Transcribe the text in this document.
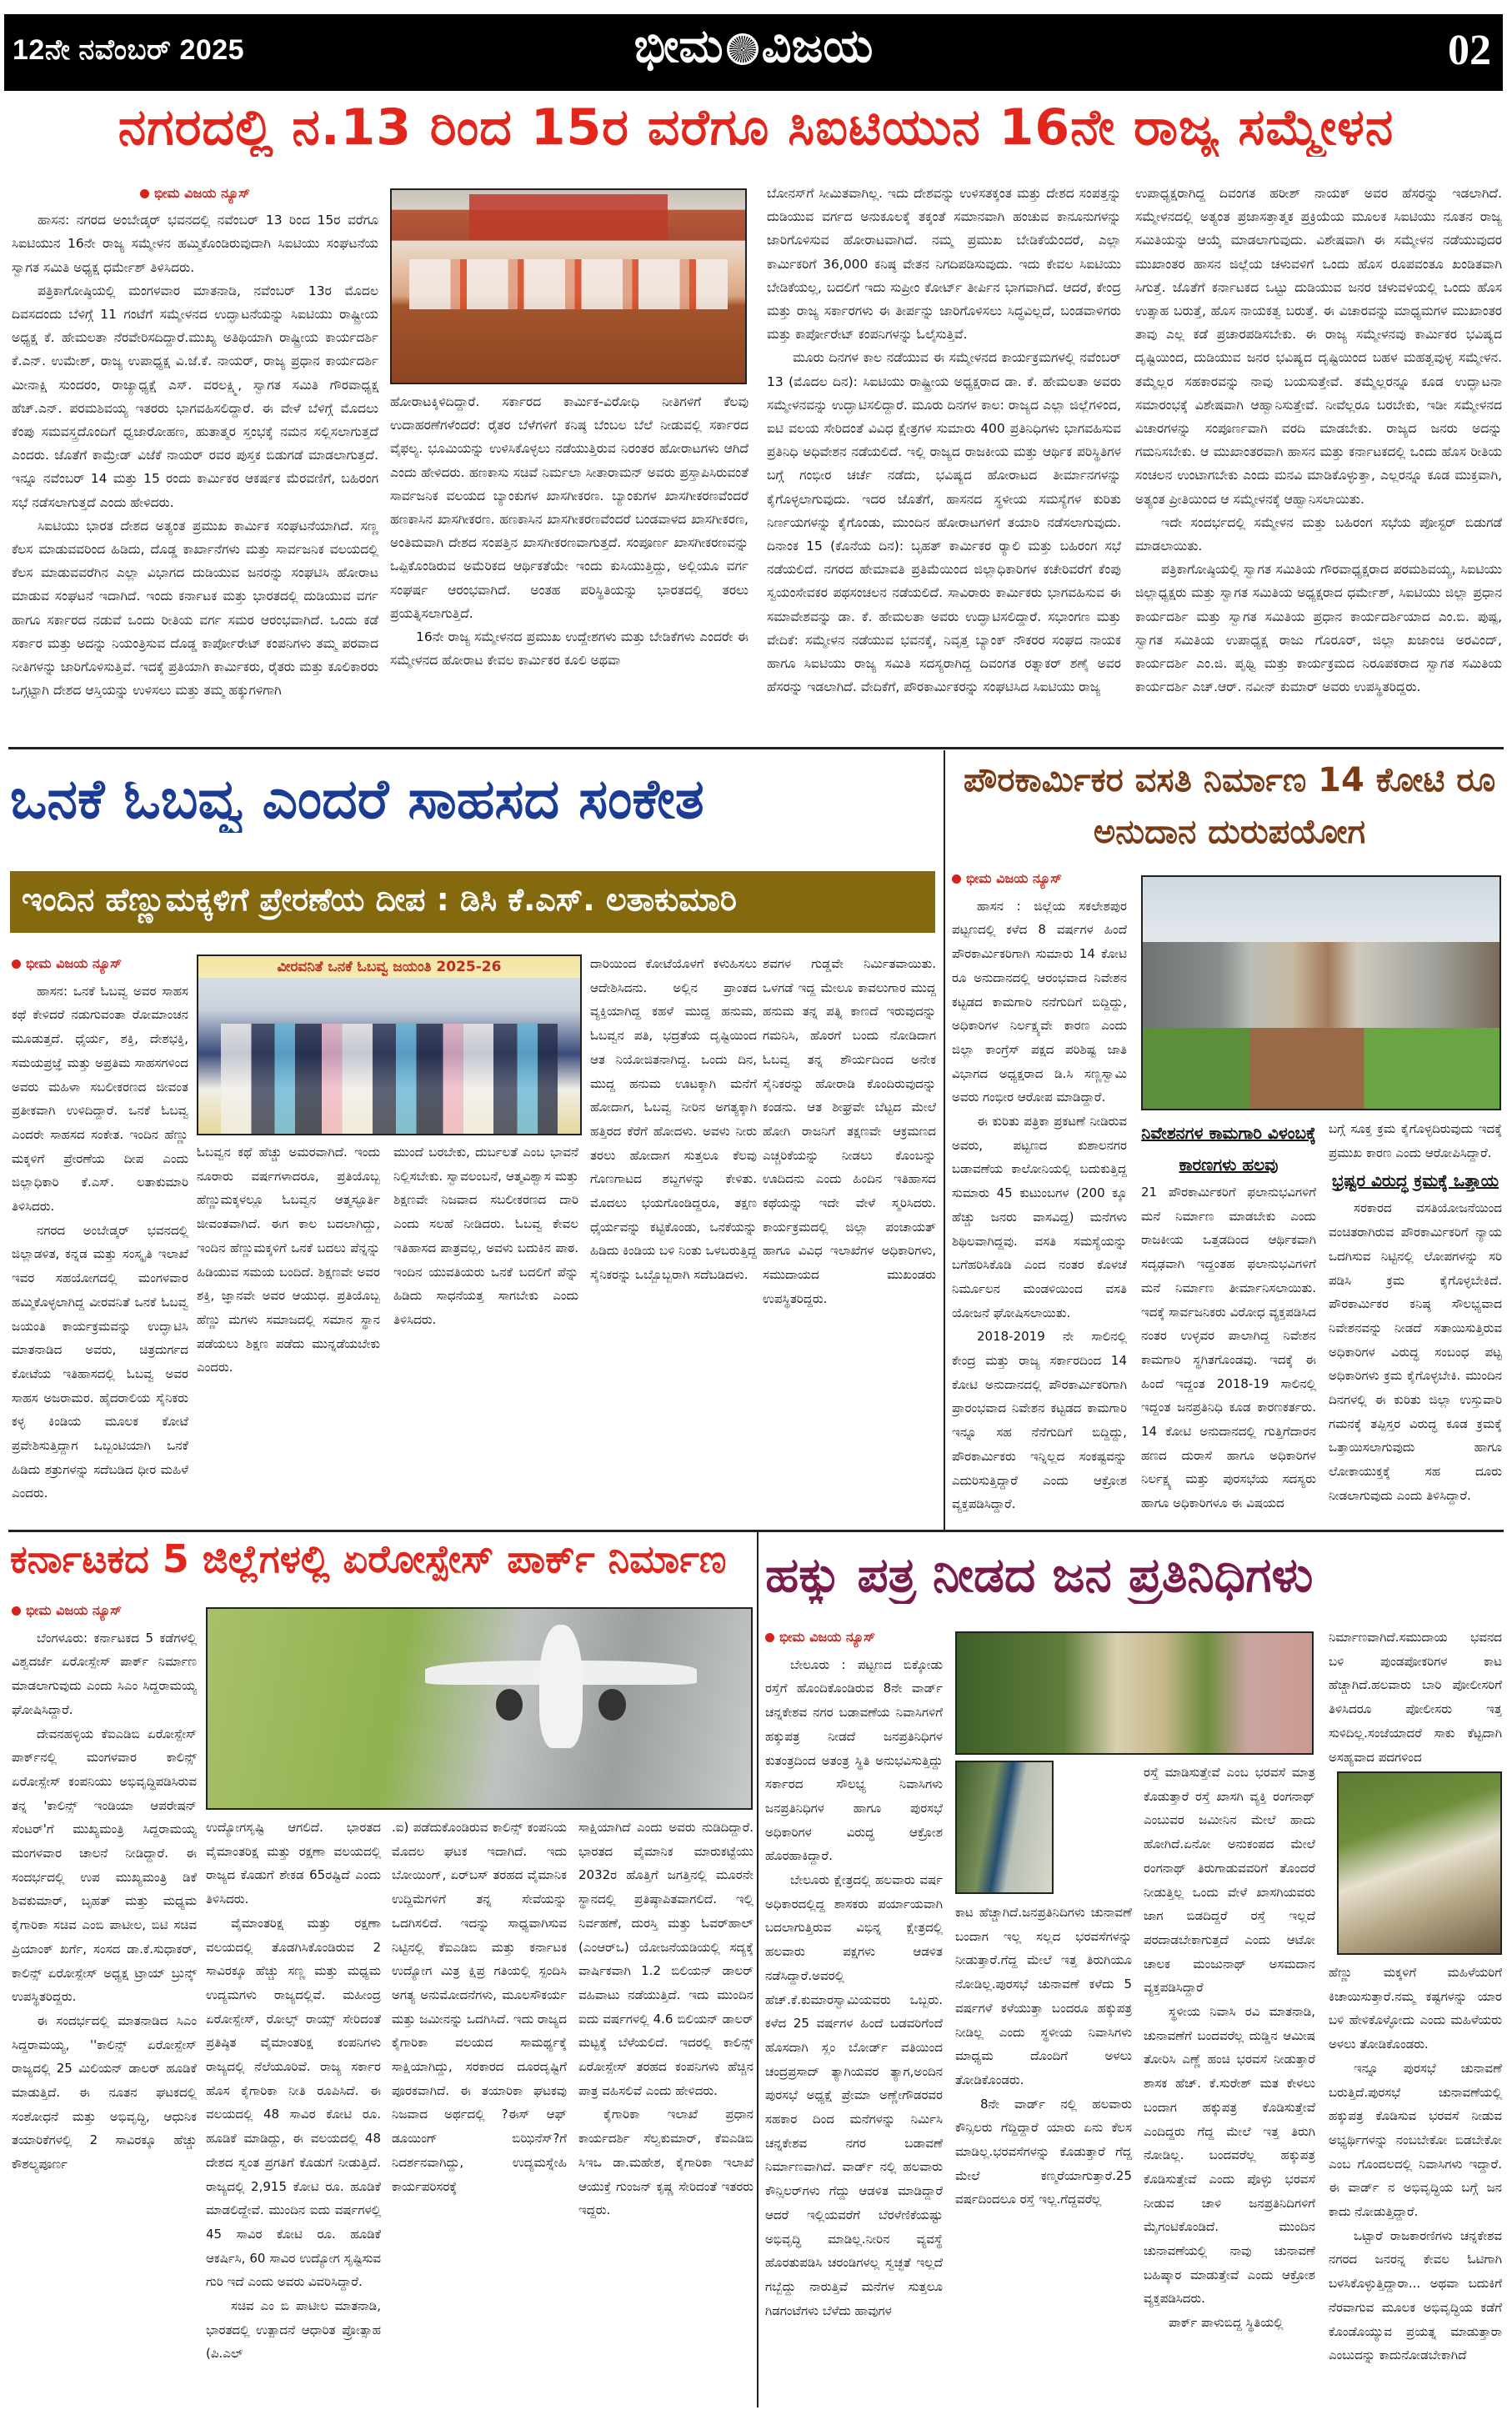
12ನೇ ನವೆಂಬರ್ 2025	ಭೀಮ ವಿಜಯ	02
ನಗರದಲ್ಲಿ ನ.13 ರಿಂದ 15ರ ವರೆಗೂ ಸಿಐಟಿಯುನ 16ನೇ ರಾಜ್ಯ ಸಮ್ಮೇಳನ
ಭೀಮ ವಿಜಯ ನ್ಯೂಸ್

ಹಾಸನ: ನಗರದ ಅಂಬೇಡ್ಕರ್ ಭವನದಲ್ಲಿ ನವೆಂಬರ್ 13 ರಿಂದ 15ರ ವರೆಗೂ ಸಿಐಟಿಯುನ 16ನೇ ರಾಜ್ಯ ಸಮ್ಮೇಳನ ಹಮ್ಮಿಕೊಂಡಿರುವುದಾಗಿ ಸಿಐಟಿಯು ಸಂಘಟನೆಯ ಸ್ವಾಗತ ಸಮಿತಿ ಅಧ್ಯಕ್ಷ ಧರ್ಮೇಶ್ ತಿಳಿಸಿದರು.

ಪತ್ರಿಕಾಗೋಷ್ಠಿಯಲ್ಲಿ ಮಂಗಳವಾರ ಮಾತನಾಡಿ, ನವೆಂಬರ್ 13ರ ಮೊದಲ ದಿವಸದಂದು ಬೆಳಿಗ್ಗೆ 11 ಗಂಟೆಗೆ ಸಮ್ಮೇಳನದ ಉದ್ಘಾಟನೆಯನ್ನು ಸಿಐಟಿಯು ರಾಷ್ಟ್ರೀಯ ಅಧ್ಯಕ್ಷ ಕೆ. ಹೇಮಲತಾ ನೆರವೇರಿಸದಿದ್ದಾರೆ.ಮುಖ್ಯ ಅತಿಥಿಯಾಗಿ ರಾಷ್ಟ್ರೀಯ ಕಾರ್ಯದರ್ಶಿ ಕೆ.ಎನ್. ಉಮೇಶ್, ರಾಜ್ಯ ಉಪಾಧ್ಯಕ್ಷ ವಿ.ಜೆ.ಕೆ. ನಾಯರ್, ರಾಜ್ಯ ಪ್ರಧಾನ ಕಾರ್ಯದರ್ಶಿ ಮೀನಾಕ್ಷಿ ಸುಂದರಂ, ರಾಜ್ಯಾಧ್ಯಕ್ಷೆ ಎಸ್. ವರಲಕ್ಷ್ಮಿ, ಸ್ವಾಗತ ಸಮಿತಿ ಗೌರವಾಧ್ಯಕ್ಷ ಹೆಚ್.ಎನ್. ಪರಮಶಿವಯ್ಯ ಇತರರು ಭಾಗವಹಿಸಲಿದ್ದಾರೆ. ಈ ವೇಳೆ ಬೆಳಿಗ್ಗೆ ಮೊದಲು ಕೆಂಪು ಸಮವಸ್ತ್ರದೊಂದಿಗೆ ಧ್ವಜಾರೋಹಣ, ಹುತಾತ್ಮರ ಸ್ತಂಭಕ್ಕೆ ನಮನ ಸಲ್ಲಿಸಲಾಗುತ್ತದೆ ಎಂದರು. ಜೊತೆಗೆ ಕಾಮ್ರೇಡ್ ವಿಜೆಕೆ ನಾಯರ್ ರವರ ಪುಸ್ತಕ ಬಿಡುಗಡೆ ಮಾಡಲಾಗುತ್ತದೆ. ಇನ್ನೂ ನವೆಂಬರ್ 14 ಮತ್ತು 15 ರಂದು ಕಾರ್ಮಿಕರ ಆಕರ್ಷಕ ಮೆರವಣಿಗೆ, ಬಹಿರಂಗ ಸಭೆ ನಡೆಸಲಾಗುತ್ತದೆ ಎಂದು ಹೇಳಿದರು.

ಸಿಐಟಿಯು ಭಾರತ ದೇಶದ ಅತ್ಯಂತ ಪ್ರಮುಖ ಕಾರ್ಮಿಕ ಸಂಘಟನೆಯಾಗಿದೆ. ಸಣ್ಣ ಕೆಲಸ ಮಾಡುವವರಿಂದ ಹಿಡಿದು, ದೊಡ್ಡ ಕಾರ್ಖಾನೆಗಳು ಮತ್ತು ಸಾರ್ವಜನಿಕ ವಲಯದಲ್ಲಿ ಕೆಲಸ ಮಾಡುವವರೆಗಿನ ಎಲ್ಲಾ ವಿಭಾಗದ ದುಡಿಯುವ ಜನರನ್ನು ಸಂಘಟಿಸಿ ಹೋರಾಟ ಮಾಡುವ ಸಂಘಟನೆ ಇದಾಗಿದೆ. ಇಂದು ಕರ್ನಾಟಕ ಮತ್ತು ಭಾರತದಲ್ಲಿ ದುಡಿಯುವ ವರ್ಗ ಹಾಗೂ ಸರ್ಕಾರದ ನಡುವೆ ಒಂದು ರೀತಿಯ ವರ್ಗ ಸಮರ ಆರಂಭವಾಗಿದೆ. ಒಂದು ಕಡೆ ಸರ್ಕಾರ ಮತ್ತು ಅದನ್ನು ನಿಯಂತ್ರಿಸುವ ದೊಡ್ಡ ಕಾರ್ಪೋರೇಟ್ ಕಂಪನಿಗಳು ತಮ್ಮ ಪರವಾದ ನೀತಿಗಳನ್ನು ಜಾರಿಗೊಳಿಸುತ್ತಿವೆ. ಇದಕ್ಕೆ ಪ್ರತಿಯಾಗಿ ಕಾರ್ಮಿಕರು, ರೈತರು ಮತ್ತು ಕೂಲಿಕಾರರು ಒಗ್ಗಟ್ಟಾಗಿ ದೇಶದ ಆಸ್ತಿಯನ್ನು ಉಳಿಸಲು ಮತ್ತು ತಮ್ಮ ಹಕ್ಕುಗಳಿಗಾಗಿ

ಹೋರಾಟಕ್ಕಿಳಿದಿದ್ದಾರೆ. ಸರ್ಕಾರದ ಕಾರ್ಮಿಕ-ವಿರೋಧಿ ನೀತಿಗಳಿಗೆ ಕೆಲವು ಉದಾಹರಣೆಗಳೆಂದರೆ: ರೈತರ ಬೆಳೆಗಳಿಗೆ ಕನಿಷ್ಠ ಬೆಂಬಲ ಬೆಲೆ ನೀಡುವಲ್ಲಿ ಸರ್ಕಾರದ ವೈಫಲ್ಯ. ಭೂಮಿಯನ್ನು ಉಳಿಸಿಕೊಳ್ಳಲು ನಡೆಯುತ್ತಿರುವ ನಿರಂತರ ಹೋರಾಟಗಳು ಆಗಿದೆ ಎಂದು ಹೇಳಿದರು. ಹಣಕಾಸು ಸಚಿವೆ ನಿರ್ಮಲಾ ಸೀತಾರಾಮನ್ ಅವರು ಪ್ರಸ್ತಾಪಿಸಿರುವಂತೆ ಸಾರ್ವಜನಿಕ ವಲಯದ ಬ್ಯಾಂಕುಗಳ ಖಾಸಗೀಕರಣ. ಬ್ಯಾಂಕುಗಳ ಖಾಸಗೀಕರಣವೆಂದರೆ ಹಣಕಾಸಿನ ಖಾಸಗೀಕರಣ. ಹಣಕಾಸಿನ ಖಾಸಗೀಕರಣವೆಂದರೆ ಬಂಡವಾಳದ ಖಾಸಗೀಕರಣ, ಅಂತಿಮವಾಗಿ ದೇಶದ ಸಂಪತ್ತಿನ ಖಾಸಗೀಕರಣವಾಗುತ್ತದೆ. ಸಂಪೂರ್ಣ ಖಾಸಗೀಕರಣವನ್ನು ಒಪ್ಪಿಕೊಂಡಿರುವ ಅಮೆರಿಕದ ಆರ್ಥಿಕತೆಯೇ ಇಂದು ಕುಸಿಯುತ್ತಿದ್ದು, ಅಲ್ಲಿಯೂ ವರ್ಗ ಸಂಘರ್ಷ ಆರಂಭವಾಗಿದೆ. ಅಂತಹ ಪರಿಸ್ಥಿತಿಯನ್ನು ಭಾರತದಲ್ಲಿ ತರಲು ಪ್ರಯತ್ನಿಸಲಾಗುತ್ತಿದೆ.

16ನೇ ರಾಜ್ಯ ಸಮ್ಮೇಳನದ ಪ್ರಮುಖ ಉದ್ದೇಶಗಳು ಮತ್ತು ಬೇಡಿಕೆಗಳು ಎಂದರೇ ಈ ಸಮ್ಮೇಳನದ ಹೋರಾಟ ಕೇವಲ ಕಾರ್ಮಿಕರ ಕೂಲಿ ಅಥವಾ

ಬೋನಸ್‌ಗೆ ಸೀಮಿತವಾಗಿಲ್ಲ. ಇದು ದೇಶವನ್ನು ಉಳಿಸತಕ್ಕಂತ ಮತ್ತು ದೇಶದ ಸಂಪತ್ತನ್ನು ದುಡಿಯುವ ವರ್ಗದ ಅನುಕೂಲಕ್ಕೆ ತಕ್ಕಂತೆ ಸಮಾನವಾಗಿ ಹಂಚುವ ಕಾನೂನುಗಳನ್ನು ಜಾರಿಗೊಳಿಸುವ ಹೋರಾಟವಾಗಿದೆ. ನಮ್ಮ ಪ್ರಮುಖ ಬೇಡಿಕೆಯೆಂದರೆ, ಎಲ್ಲಾ ಕಾರ್ಮಿಕರಿಗೆ 36,000 ಕನಿಷ್ಠ ವೇತನ ನಿಗದಿಪಡಿಸುವುದು. ಇದು ಕೇವಲ ಸಿಐಟಿಯು ಬೇಡಿಕೆಯಲ್ಲ, ಬದಲಿಗೆ ಇದು ಸುಪ್ರೀಂ ಕೋರ್ಟ್ ತೀರ್ಪಿನ ಭಾಗವಾಗಿದೆ. ಆದರೆ, ಕೇಂದ್ರ ಮತ್ತು ರಾಜ್ಯ ಸರ್ಕಾರಗಳು ಈ ತೀರ್ಪನ್ನು ಜಾರಿಗೊಳಿಸಲು ಸಿದ್ಧವಿಲ್ಲದೆ, ಬಂಡವಾಳಿಗರು ಮತ್ತು ಕಾರ್ಪೋರೇಟ್ ಕಂಪನಿಗಳನ್ನು ಓಲೈಸುತ್ತಿವೆ.

ಮೂರು ದಿನಗಳ ಕಾಲ ನಡೆಯುವ ಈ ಸಮ್ಮೇಳನದ ಕಾರ್ಯಕ್ರಮಗಳಲ್ಲಿ ನವೆಂಬರ್ 13 (ಮೊದಲ ದಿನ): ಸಿಐಟಿಯು ರಾಷ್ಟ್ರೀಯ ಅಧ್ಯಕ್ಷರಾದ ಡಾ. ಕೆ. ಹೇಮಲತಾ ಅವರು ಸಮ್ಮೇಳನವನ್ನು ಉದ್ಘಾಟಿಸಲಿದ್ದಾರೆ. ಮೂರು ದಿನಗಳ ಕಾಲ: ರಾಜ್ಯದ ಎಲ್ಲಾ ಜಿಲ್ಲೆಗಳಿಂದ, ಐಟಿ ವಲಯ ಸೇರಿದಂತೆ ವಿವಿಧ ಕ್ಷೇತ್ರಗಳ ಸುಮಾರು 400 ಪ್ರತಿನಿಧಿಗಳು ಭಾಗವಹಿಸುವ ಪ್ರತಿನಿಧಿ ಅಧಿವೇಶನ ನಡೆಯಲಿದೆ. ಇಲ್ಲಿ ರಾಜ್ಯದ ರಾಜಕೀಯ ಮತ್ತು ಆರ್ಥಿಕ ಪರಿಸ್ಥಿತಿಗಳ ಬಗ್ಗೆ ಗಂಭೀರ ಚರ್ಚೆ ನಡೆದು, ಭವಿಷ್ಯದ ಹೋರಾಟದ ತೀರ್ಮಾನಗಳನ್ನು ಕೈಗೊಳ್ಳಲಾಗುವುದು. ಇದರ ಜೊತೆಗೆ, ಹಾಸನದ ಸ್ಥಳೀಯ ಸಮಸ್ಯೆಗಳ ಕುರಿತು ನಿರ್ಣಯಗಳನ್ನು ಕೈಗೊಂಡು, ಮುಂದಿನ ಹೋರಾಟಗಳಿಗೆ ತಯಾರಿ ನಡೆಸಲಾಗುವುದು. ದಿನಾಂಕ 15 (ಕೊನೆಯ ದಿನ): ಬೃಹತ್ ಕಾರ್ಮಿಕರ ರ್‍ಯಾಲಿ ಮತ್ತು ಬಹಿರಂಗ ಸಭೆ ನಡೆಯಲಿದೆ. ನಗರದ ಹೇಮಾವತಿ ಪ್ರತಿಮೆಯಿಂದ ಜಿಲ್ಲಾಧಿಕಾರಿಗಳ ಕಚೇರಿವರೆಗೆ ಕೆಂಪು ಸ್ವಯಂಸೇವಕರ ಪಥಸಂಚಲನ ನಡೆಯಲಿದೆ. ಸಾವಿರಾರು ಕಾರ್ಮಿಕರು ಭಾಗವಹಿಸುವ ಈ ಸಮಾವೇಶವನ್ನು ಡಾ. ಕೆ. ಹೇಮಲತಾ ಅವರು ಉದ್ಘಾಟಿಸಲಿದ್ದಾರೆ. ಸಭಾಂಗಣ ಮತ್ತು ವೇದಿಕೆ: ಸಮ್ಮೇಳನ ನಡೆಯುವ ಭವನಕ್ಕೆ, ನಿವೃತ್ತ ಬ್ಯಾಂಕ್ ನೌಕರರ ಸಂಘದ ನಾಯಕ ಹಾಗೂ ಸಿಐಟಿಯು ರಾಜ್ಯ ಸಮಿತಿ ಸದಸ್ಯರಾಗಿದ್ದ ದಿವಂಗತ ರತ್ನಾಕರ್ ಶಣೈ ಅವರ ಹೆಸರನ್ನು ಇಡಲಾಗಿದೆ. ವೇದಿಕೆಗೆ, ಪೌರಕಾರ್ಮಿಕರನ್ನು ಸಂಘಟಿಸಿದ ಸಿಐಟಿಯು ರಾಜ್ಯ

ಉಪಾಧ್ಯಕ್ಷರಾಗಿದ್ದ ದಿವಂಗತ ಹರೀಶ್ ನಾಯಕ್ ಅವರ ಹೆಸರನ್ನು ಇಡಲಾಗಿದೆ. ಸಮ್ಮೇಳನದಲ್ಲಿ ಅತ್ಯಂತ ಪ್ರಜಾಸತ್ತಾತ್ಮಕ ಪ್ರಕ್ರಿಯೆಯ ಮೂಲಕ ಸಿಐಟಿಯು ನೂತನ ರಾಜ್ಯ ಸಮಿತಿಯನ್ನು ಆಯ್ಕೆ ಮಾಡಲಾಗುವುದು. ವಿಶೇಷವಾಗಿ ಈ ಸಮ್ಮೇಳನ ನಡೆಯುವುದರ ಮುಖಾಂತರ ಹಾಸನ ಜಿಲ್ಲೆಯ ಚಳುವಳಿಗೆ ಒಂದು ಹೊಸ ರೂಪವಂತೂ ಖಂಡಿತವಾಗಿ ಸಿಗುತ್ತೆ. ಜೊತೆಗೆ ಕರ್ನಾಟಕದ ಒಟ್ಟು ದುಡಿಯುವ ಜನರ ಚಳುವಳಿಯಲ್ಲಿ ಒಂದು ಹೊಸ ಉತ್ಸಾಹ ಬರುತ್ತೆ, ಹೊಸ ನಾಯಕತ್ವ ಬರುತ್ತೆ. ಈ ವಿಚಾರವನ್ನು ಮಾಧ್ಯಮಗಳ ಮುಖಾಂತರ ತಾವು ಎಲ್ಲ ಕಡೆ ಪ್ರಚಾರಪಡಿಸಬೇಕು. ಈ ರಾಜ್ಯ ಸಮ್ಮೇಳನವು ಕಾರ್ಮಿಕರ ಭವಿಷ್ಯದ ದೃಷ್ಟಿಯಿಂದ, ದುಡಿಯುವ ಜನರ ಭವಿಷ್ಯದ ದೃಷ್ಟಿಯಿಂದ ಬಹಳ ಮಹತ್ವವುಳ್ಳ ಸಮ್ಮೇಳನ. ತಮ್ಮೆಲ್ಲರ ಸಹಕಾರವನ್ನು ನಾವು ಬಯಸುತ್ತೇವೆ. ತಮ್ಮೆಲ್ಲರನ್ನೂ ಕೂಡ ಉದ್ಘಾಟನಾ ಸಮಾರಂಭಕ್ಕೆ ವಿಶೇಷವಾಗಿ ಆಹ್ವಾನಿಸುತ್ತೇವೆ. ನೀವೆಲ್ಲರೂ ಬರಬೇಕು, ಇಡೀ ಸಮ್ಮೇಳನದ ವಿಚಾರಗಳನ್ನು ಸಂಪೂರ್ಣವಾಗಿ ವರದಿ ಮಾಡಬೇಕು. ರಾಜ್ಯದ ಜನರು ಅದನ್ನು ಗಮನಿಸಬೇಕು. ಆ ಮುಖಾಂತರವಾಗಿ ಹಾಸನ ಮತ್ತು ಕರ್ನಾಟಕದಲ್ಲಿ ಒಂದು ಹೊಸ ರೀತಿಯ ಸಂಚಲನ ಉಂಟಾಗಬೇಕು ಎಂದು ಮನವಿ ಮಾಡಿಕೊಳ್ಳುತ್ತಾ, ಎಲ್ಲರನ್ನೂ ಕೂಡ ಮುಕ್ತವಾಗಿ, ಅತ್ಯಂತ ಪ್ರೀತಿಯಿಂದ ಆ ಸಮ್ಮೇಳನಕ್ಕೆ ಆಹ್ವಾನಿಸಲಾಯಿತು.

ಇದೇ ಸಂದರ್ಭದಲ್ಲಿ ಸಮ್ಮೇಳನ ಮತ್ತು ಬಹಿರಂಗ ಸಭೆಯ ಪೋಸ್ಟರ್ ಬಿಡುಗಡೆ ಮಾಡಲಾಯಿತು.

ಪತ್ರಿಕಾಗೋಷ್ಠಿಯಲ್ಲಿ ಸ್ವಾಗತ ಸಮಿತಿಯ ಗೌರವಾಧ್ಯಕ್ಷರಾದ ಪರಮಶಿವಯ್ಯ, ಸಿಐಟಿಯು ಜಿಲ್ಲಾಧ್ಯಕ್ಷರು ಮತ್ತು ಸ್ವಾಗತ ಸಮಿತಿಯ ಅಧ್ಯಕ್ಷರಾದ ಧರ್ಮೇಶ್, ಸಿಐಟಿಯು ಜಿಲ್ಲಾ ಪ್ರಧಾನ ಕಾರ್ಯದರ್ಶಿ ಮತ್ತು ಸ್ವಾಗತ ಸಮಿತಿಯ ಪ್ರಧಾನ ಕಾರ್ಯದರ್ಶಿಯಾದ ಎಂ.ಬಿ. ಪುಷ್ಪ, ಸ್ವಾಗತ ಸಮಿತಿಯ ಉಪಾಧ್ಯಕ್ಷ ರಾಜು ಗೊರೂರ್, ಜಿಲ್ಲಾ ಖಜಾಂಚಿ ಅರವಿಂದ್, ಕಾರ್ಯದರ್ಶಿ ಎಂ.ಜಿ. ಪೃಥ್ವಿ ಮತ್ತು ಕಾರ್ಯಕ್ರಮದ ನಿರೂಪಕರಾದ ಸ್ವಾಗತ ಸಮಿತಿಯ ಕಾರ್ಯದರ್ಶಿ ಎಚ್.ಆರ್. ನವೀನ್ ಕುಮಾರ್ ಅವರು ಉಪಸ್ಥಿತರಿದ್ದರು.

ಒನಕೆ ಓಬವ್ವ ಎಂದರೆ ಸಾಹಸದ ಸಂಕೇತ
ಇಂದಿನ ಹೆಣ್ಣುಮಕ್ಕಳಿಗೆ ಪ್ರೇರಣೆಯ ದೀಪ : ಡಿಸಿ ಕೆ.ಎಸ್. ಲತಾಕುಮಾರಿ
ಭೀಮ ವಿಜಯ ನ್ಯೂಸ್

ಹಾಸನ: ಒನಕೆ ಓಬವ್ವ ಅವರ ಸಾಹಸ ಕಥೆ ಕೇಳಿದರೆ ನಡುಗುವಂತಾ ರೋಮಾಂಚನ ಮೂಡುತ್ತದೆ. ಧೈರ್ಯ, ಶಕ್ತಿ, ದೇಶಭಕ್ತಿ, ಸಮಯಪ್ರಜ್ಞೆ ಮತ್ತು ಅಪ್ರತಿಮ ಸಾಹಸಗಳಿಂದ ಅವರು ಮಹಿಳಾ ಸಬಲೀಕರಣದ ಜೀವಂತ ಪ್ರತೀಕವಾಗಿ ಉಳಿದಿದ್ದಾರೆ. ಒನಕೆ ಓಬವ್ವ ಎಂದರೇ ಸಾಹಸದ ಸಂಕೇತ. ಇಂದಿನ ಹೆಣ್ಣು ಮಕ್ಕಳಿಗೆ ಪ್ರೇರಣೆಯ ದೀಪ ಎಂದು ಜಿಲ್ಲಾಧಿಕಾರಿ ಕೆ.ಎಸ್. ಲತಾಕುಮಾರಿ ತಿಳಿಸಿದರು.

ನಗರದ ಅಂಬೇಡ್ಕರ್ ಭವನದಲ್ಲಿ ಜಿಲ್ಲಾಡಳಿತ, ಕನ್ನಡ ಮತ್ತು ಸಂಸ್ಕೃತಿ ಇಲಾಖೆ ಇವರ ಸಹಯೋಗದಲ್ಲಿ ಮಂಗಳವಾರ ಹಮ್ಮಿಕೊಳ್ಳಲಾಗಿದ್ದ ವೀರವನಿತೆ ಒನಕೆ ಓಬವ್ವ ಜಯಂತಿ ಕಾರ್ಯಕ್ರಮವನ್ನು ಉದ್ಘಾಟಿಸಿ ಮಾತನಾಡಿದ ಅವರು, ಚಿತ್ರದುರ್ಗದ ಕೋಟೆಯ ಇತಿಹಾಸದಲ್ಲಿ ಓಬವ್ವ ಅವರ ಸಾಹಸ ಅಜರಾಮರ. ಹೈದರಾಲಿಯ ಸೈನಿಕರು ಕಳ್ಳ ಕಿಂಡಿಯ ಮೂಲಕ ಕೋಟೆ ಪ್ರವೇಶಿಸುತ್ತಿದ್ದಾಗ ಒಬ್ಬಂಟಿಯಾಗಿ ಒನಕೆ ಹಿಡಿದು ಶತ್ರುಗಳನ್ನು ಸದೆಬಡಿದ ಧೀರ ಮಹಿಳೆ ಎಂದರು.

ವೀರವನಿತೆ ಒನಕೆ ಓಬವ್ವ ಜಯಂತಿ 2025-26

ಓಬವ್ವನ ಕಥೆ ಹೆಚ್ಚು ಅಮರವಾಗಿದೆ. ಇಂದು ನೂರಾರು ವರ್ಷಗಳಾದರೂ, ಪ್ರತಿಯೊಬ್ಬ ಹೆಣ್ಣುಮಕ್ಕಳಲ್ಲೂ ಓಬವ್ವನ ಆತ್ಮಸ್ಫೂರ್ತಿ ಜೀವಂತವಾಗಿದೆ. ಈಗ ಕಾಲ ಬದಲಾಗಿದ್ದು, ಇಂದಿನ ಹೆಣ್ಣುಮಕ್ಕಳಿಗೆ ಒನಕೆ ಬದಲು ಪೆನ್ನನ್ನು ಹಿಡಿಯುವ ಸಮಯ ಬಂದಿದೆ. ಶಿಕ್ಷಣವೇ ಅವರ ಶಕ್ತಿ, ಜ್ಞಾನವೇ ಅವರ ಆಯುಧ. ಪ್ರತಿಯೊಬ್ಬ ಹೆಣ್ಣು ಮಗಳು ಸಮಾಜದಲ್ಲಿ ಸಮಾನ ಸ್ಥಾನ ಪಡೆಯಲು ಶಿಕ್ಷಣ ಪಡೆದು ಮುನ್ನಡೆಯಬೇಕು ಎಂದರು.

ಮುಂದೆ ಬರಬೇಕು, ದುರ್ಬಲತೆ ಎಂಬ ಭಾವನೆ ನಿಲ್ಲಿಸಬೇಕು. ಸ್ವಾವಲಂಬನೆ, ಆತ್ಮವಿಶ್ವಾಸ ಮತ್ತು ಶಿಕ್ಷಣವೇ ನಿಜವಾದ ಸಬಲೀಕರಣದ ದಾರಿ ಎಂದು ಸಲಹೆ ನೀಡಿದರು. ಓಬವ್ವ ಕೇವಲ ಇತಿಹಾಸದ ಪಾತ್ರವಲ್ಲ, ಅವಳು ಬದುಕಿನ ಪಾಠ. ಇಂದಿನ ಯುವತಿಯರು ಒನಕೆ ಬದಲಿಗೆ ಪೆನ್ನು ಹಿಡಿದು ಸಾಧನೆಯತ್ತ ಸಾಗಬೇಕು ಎಂದು ತಿಳಿಸಿದರು.

ದಾರಿಯಿಂದ ಕೋಟೆಯೊಳಗೆ ಕಳುಹಿಸಲು ಆದೇಶಿಸಿದನು. ಅಲ್ಲಿನ ಪ್ರಾಂತದ ವ್ಯಕ್ತಿಯಾಗಿದ್ದ ಕಹಳೆ ಮುದ್ದ ಹನುಮ, ಓಬವ್ವನ ಪತಿ, ಭದ್ರತೆಯ ದೃಷ್ಟಿಯಿಂದ ಆತ ನಿಯೋಜಿತನಾಗಿದ್ದ. ಒಂದು ದಿನ, ಮುದ್ದ ಹನುಮ ಊಟಕ್ಕಾಗಿ ಮನೆಗೆ ಹೋದಾಗ, ಓಬವ್ವ ನೀರಿನ ಅಗತ್ಯಕ್ಕಾಗಿ ಹತ್ತಿರದ ಕೆರೆಗೆ ಹೋದಳು. ಅವಳು ನೀರು ತರಲು ಹೋದಾಗ ಸುತ್ತಲೂ ಕೆಲವು ಗೊಣಗಾಟದ ಶಬ್ದಗಳನ್ನು ಕೇಳಿತು. ಮೊದಲು ಭಯಗೊಂಡಿದ್ದರೂ, ತಕ್ಷಣ ಧೈರ್ಯವನ್ನು ಕಟ್ಟಿಕೊಂಡು, ಒನಕೆಯನ್ನು ಹಿಡಿದು ಕಿಂಡಿಯ ಬಳಿ ನಿಂತು ಒಳಬರುತ್ತಿದ್ದ ಸೈನಿಕರನ್ನು ಒಬ್ಬೊಬ್ಬರಾಗಿ ಸದೆಬಡಿದಳು.

ಶವಗಳ ಗುಡ್ಡವೇ ನಿರ್ಮಿತವಾಯಿತು. ಒಳಗಡೆ ಇದ್ದ ಮೇಲೂ ಕಾವಲುಗಾರ ಮುದ್ದ ಹನುಮ ತನ್ನ ಪತ್ನಿ ಕಾಣದೆ ಇರುವುದನ್ನು ಗಮನಿಸಿ, ಹೊರಗೆ ಬಂದು ನೋಡಿದಾಗ ಓಬವ್ವ ತನ್ನ ಶೌರ್ಯದಿಂದ ಅನೇಕ ಸೈನಿಕರನ್ನು ಹೋರಾಡಿ ಕೊಂದಿರುವುದನ್ನು ಕಂಡನು. ಆತ ಶೀಘ್ರವೇ ಬೆಟ್ಟದ ಮೇಲೆ ಹೋಗಿ ರಾಜನಿಗೆ ತಕ್ಷಣವೇ ಆಕ್ರಮಣದ ಎಚ್ಚರಿಕೆಯನ್ನು ನೀಡಲು ಕೊಂಬನ್ನು ಊದಿದನು ಎಂದು ಹಿಂದಿನ ಇತಿಹಾಸದ ಕಥೆಯನ್ನು ಇದೇ ವೇಳೆ ಸ್ಮರಿಸಿದರು. ಕಾರ್ಯಕ್ರಮದಲ್ಲಿ ಜಿಲ್ಲಾ ಪಂಚಾಯತ್ ಹಾಗೂ ವಿವಿಧ ಇಲಾಖೆಗಳ ಅಧಿಕಾರಿಗಳು, ಸಮುದಾಯದ ಮುಖಂಡರು ಉಪಸ್ಥಿತರಿದ್ದರು.

ಪೌರಕಾರ್ಮಿಕರ ವಸತಿ ನಿರ್ಮಾಣ 14 ಕೋಟಿ ರೂ ಅನುದಾನ ದುರುಪಯೋಗ
ಭೀಮ ವಿಜಯ ನ್ಯೂಸ್

ಹಾಸನ : ಜಿಲ್ಲೆಯ ಸಕಲೇಶಪುರ ಪಟ್ಟಣದಲ್ಲಿ ಕಳೆದ 8 ವರ್ಷಗಳ ಹಿಂದೆ ಪೌರಕಾರ್ಮಿಕರಿಗಾಗಿ ಸುಮಾರು 14 ಕೋಟಿ ರೂ ಅನುದಾನದಲ್ಲಿ ಆರಂಭವಾದ ನಿವೇಶನ ಕಟ್ಟಡದ ಕಾಮಗಾರಿ ನನೆಗುದಿಗೆ ಬಿದ್ದಿದ್ದು, ಅಧಿಕಾರಿಗಳ ನಿರ್ಲಕ್ಷ್ಯವೇ ಕಾರಣ ಎಂದು ಜಿಲ್ಲಾ ಕಾಂಗ್ರೆಸ್ ಪಕ್ಷದ ಪರಿಶಿಷ್ಟ ಜಾತಿ ವಿಭಾಗದ ಅಧ್ಯಕ್ಷರಾದ ಡಿ.ಸಿ ಸಣ್ಣಸ್ವಾಮಿ ಅವರು ಗಂಭೀರ ಆರೋಪ ಮಾಡಿದ್ದಾರೆ.

ಈ ಕುರಿತು ಪತ್ರಿಕಾ ಪ್ರಕಟಣೆ ನೀಡಿರುವ ಅವರು, ಪಟ್ಟಣದ ಕುಶಾಲನಗರ ಬಡಾವಣೆಯ ಕಾಲೋನಿಯಲ್ಲಿ ಬದುಕುತ್ತಿದ್ದ ಸುಮಾರು 45 ಕುಟುಂಬಗಳ (200 ಕ್ಕೂ ಹೆಚ್ಚು ಜನರು ವಾಸವಿದ್ದ) ಮನೆಗಳು ಶಿಥಿಲವಾಗಿದ್ದವು. ವಸತಿ ಸಮಸ್ಯೆಯನ್ನು ಬಗೆಹರಿಸಿಕೊಡಿ ಎಂದ ನಂತರ ಕೊಳಚೆ ನಿರ್ಮೂಲನ ಮಂಡಳಿಯಿಂದ ವಸತಿ ಯೋಜನೆ ಘೋಷಿಸಲಾಯಿತು.

2018-2019 ನೇ ಸಾಲಿನಲ್ಲಿ ಕೇಂದ್ರ ಮತ್ತು ರಾಜ್ಯ ಸರ್ಕಾರದಿಂದ 14 ಕೋಟಿ ಅನುದಾನದಲ್ಲಿ ಪೌರಕಾರ್ಮಿಕರಿಗಾಗಿ ಪ್ರಾರಂಭವಾದ ನಿವೇಶನ ಕಟ್ಟಡದ ಕಾಮಗಾರಿ ಇನ್ನೂ ಸಹ ನೆನೆಗುದಿಗೆ ಬಿದ್ದಿದ್ದು, ಪೌರಕಾರ್ಮಿಕರು ಇನ್ನಿಲ್ಲದ ಸಂಕಷ್ಟವನ್ನು ಎದುರಿಸುತ್ತಿದ್ದಾರೆ ಎಂದು ಆಕ್ರೋಶ ವ್ಯಕ್ತಪಡಿಸಿದ್ದಾರೆ.

ನಿವೇಶನಗಳ ಕಾಮಗಾರಿ ವಿಳಂಬಕ್ಕೆ ಕಾರಣಗಳು ಹಲವು

21 ಪೌರಕಾರ್ಮಿಕರಿಗೆ ಫಲಾನುಭವಿಗಳಿಗೆ ಮನೆ ನಿರ್ಮಾಣ ಮಾಡಬೇಕು ಎಂದು ರಾಜಕೀಯ ಒತ್ತಡದಿಂದ ಆರ್ಥಿಕವಾಗಿ ಸದೃಢವಾಗಿ ಇದ್ದಂತಹ ಫಲಾನುಭವಿಗಳಿಗೆ ಮನೆ ನಿರ್ಮಾಣ ತೀರ್ಮಾನಿಸಲಾಯಿತು. ಇದಕ್ಕೆ ಸಾರ್ವಜನಿಕರು ವಿರೋಧ ವ್ಯಕ್ತಪಡಿಸಿದ ನಂತರ ಉಳ್ಳವರ ಪಾಲಾಗಿದ್ದ ನಿವೇಶನ ಕಾಮಗಾರಿ ಸ್ಥಗಿತಗೊಂಡವು. ಇದಕ್ಕೆ ಈ ಹಿಂದೆ ಇದ್ದಂತ 2018-19 ಸಾಲಿನಲ್ಲಿ ಇದ್ದಂತ ಜನಪ್ರತಿನಿಧಿ ಕೂಡ ಕಾರಣಕರ್ತರು. 14 ಕೋಟಿ ಅನುದಾನದಲ್ಲಿ ಗುತ್ತಿಗೆದಾರನ ಹಣದ ದುರಾಸೆ ಹಾಗೂ ಅಧಿಕಾರಿಗಳ ನಿರ್ಲಕ್ಷ್ಯ ಮತ್ತು ಪುರಸಭೆಯ ಸದಸ್ಯರು ಹಾಗೂ ಅಧಿಕಾರಿಗಳೂ ಈ ವಿಷಯದ

ಬಗ್ಗೆ ಸೂಕ್ತ ಕ್ರಮ ಕೈಗೊಳ್ಳದಿರುವುದು ಇದಕ್ಕೆ ಪ್ರಮುಖ ಕಾರಣ ಎಂದು ಆರೋಪಿಸಿದ್ದಾರೆ.

ಭ್ರಷ್ಟರ ವಿರುದ್ಧ ಕ್ರಮಕ್ಕೆ ಒತ್ತಾಯ

ಸರಕಾರದ ವಸತಿಯೋಜನೆಯಿಂದ ವಂಚಿತರಾಗಿರುವ ಪೌರಕಾರ್ಮಿಕರಿಗೆ ನ್ಯಾಯ ಒದಗಿಸುವ ನಿಟ್ಟಿನಲ್ಲಿ ಲೋಪಗಳನ್ನು ಸರಿ ಪಡಿಸಿ ಕ್ರಮ ಕೈಗೊಳ್ಳಬೇಕಿದೆ. ಪೌರಕಾರ್ಮಿಕರ ಕನಿಷ್ಠ ಸೌಲಭ್ಯವಾದ ನಿವೇಶನವನ್ನು ನೀಡದೆ ಸತಾಯಿಸುತ್ತಿರುವ ಅಧಿಕಾರಿಗಳ ವಿರುದ್ಧ ಸಂಬಂಧ ಪಟ್ಟ ಅಧಿಕಾರಿಗಳು ಕ್ರಮ ಕೈಗೊಳ್ಳಬೇಕಿ. ಮುಂದಿನ ದಿನಗಳಲ್ಲಿ ಈ ಕುರಿತು ಜಿಲ್ಲಾ ಉಸ್ತುವಾರಿ ಗಮನಕ್ಕೆ ತಪ್ಪಿಸ್ತರ ವಿರುದ್ಧ ಕೂಡ ಕ್ರಮಕ್ಕೆ ಒತ್ತಾಯಿಸಲಾಗುವುದು ಹಾಗೂ ಲೋಕಾಯುಕ್ತಕ್ಕೆ ಸಹ ದೂರು ನೀಡಲಾಗುವುದು ಎಂದು ತಿಳಿಸಿದ್ದಾರೆ.

ಕರ್ನಾಟಕದ 5 ಜಿಲ್ಲೆಗಳಲ್ಲಿ ಏರೋಸ್ಪೇಸ್ ಪಾರ್ಕ್ ನಿರ್ಮಾಣ
ಭೀಮ ವಿಜಯ ನ್ಯೂಸ್

ಬೆಂಗಳೂರು: ಕರ್ನಾಟಕದ 5 ಕಡೆಗಳಲ್ಲಿ ವಿಶ್ವದರ್ಜೆ ಏರೋಸ್ಪೇಸ್ ಪಾರ್ಕ್ ನಿರ್ಮಾಣ ಮಾಡಲಾಗುವುದು ಎಂದು ಸಿಎಂ ಸಿದ್ದರಾಮಯ್ಯ ಘೋಷಿಸಿದ್ದಾರೆ.

ದೇವನಹಳ್ಳಿಯ ಕೆಐಎಡಿಬಿ ಏರೋಸ್ಪೇಸ್ ಪಾರ್ಕ್‌ನಲ್ಲಿ ಮಂಗಳವಾರ ಕಾಲಿನ್ಸ್ ಏರೋಸ್ಪೇಸ್ ಕಂಪನಿಯು ಅಭಿವೃದ್ಧಿಪಡಿಸಿರುವ ತನ್ನ 'ಕಾಲಿನ್ಸ್ ಇಂಡಿಯಾ ಆಪರೇಷನ್ ಸೆಂಟರ್'ಗೆ ಮುಖ್ಯಮಂತ್ರಿ ಸಿದ್ದರಾಮಯ್ಯ ಮಂಗಳವಾರ ಚಾಲನೆ ನೀಡಿದ್ದಾರೆ. ಈ ಸಂದರ್ಭದಲ್ಲಿ ಉಪ ಮುಖ್ಯಮಂತ್ರಿ ಡಿಕೆ ಶಿವಕುಮಾರ್, ಬೃಹತ್ ಮತ್ತು ಮಧ್ಯಮ ಕೈಗಾರಿಕಾ ಸಚಿವ ಎಂಬಿ ಪಾಟೀಲ, ಬಿಟಿ ಸಚಿವ ಪ್ರಿಯಾಂಕ್ ಖರ್ಗೆ, ಸಂಸದ ಡಾ.ಕೆ.ಸುಧಾಕರ್, ಕಾಲಿನ್ಸ್ ಏರೋಸ್ಪೇಸ್ ಅಧ್ಯಕ್ಷ ಟ್ರಾಯ್ ಬ್ರುನ್ಕ್ ಉಪಸ್ಥಿತರಿದ್ದರು.

ಈ ಸಂದರ್ಭದಲ್ಲಿ ಮಾತನಾಡಿದ ಸಿಎಂ ಸಿದ್ದರಾಮಯ್ಯ, ''ಕಾಲಿನ್ಸ್ ಏರೋಸ್ಪೇಸ್ ರಾಜ್ಯದಲ್ಲಿ 25 ಮಿಲಿಯನ್ ಡಾಲರ್ ಹೂಡಿಕೆ ಮಾಡುತ್ತಿದೆ. ಈ ನೂತನ ಘಟಕದಲ್ಲಿ ಸಂಶೋಧನೆ ಮತ್ತು ಅಭಿವೃದ್ಧಿ, ಆಧುನಿಕ ತಯಾರಿಕೆಗಳಲ್ಲಿ 2 ಸಾವಿರಕ್ಕೂ ಹೆಚ್ಚು ಕೌಶಲ್ಯಪೂರ್ಣ

ಉದ್ಯೋಗಸೃಷ್ಟಿ ಆಗಲಿದೆ. ಭಾರತದ ವೈಮಾಂತರಿಕ್ಷ ಮತ್ತು ರಕ್ಷಣಾ ವಲಯದಲ್ಲಿ ರಾಜ್ಯದ ಕೊಡುಗೆ ಶೇಕಡ 65ರಷ್ಟಿದೆ ಎಂದು ತಿಳಿಸಿದರು.

ವೈಮಾಂತರಿಕ್ಷ ಮತ್ತು ರಕ್ಷಣಾ ವಲಯದಲ್ಲಿ ತೊಡಗಿಸಿಕೊಂಡಿರುವ 2 ಸಾವಿರಕ್ಕೂ ಹೆಚ್ಚು ಸಣ್ಣ ಮತ್ತು ಮಧ್ಯಮ ಉದ್ಯಮಗಳು ರಾಜ್ಯದಲ್ಲಿವೆ. ಮಹೀಂದ್ರ ಏರೋಸ್ಪೇಸ್, ರೋಲ್ಸ್ ರಾಯ್ಸ್ ಸೇರಿದಂತೆ ಪ್ರತಿಷ್ಠಿತ ವೈಮಾಂತರಿಕ್ಷ ಕಂಪನಿಗಳು ರಾಜ್ಯದಲ್ಲಿ ನೆಲೆಯೂರಿವೆ. ರಾಜ್ಯ ಸರ್ಕಾರ ಹೊಸ ಕೈಗಾರಿಕಾ ನೀತಿ ರೂಪಿಸಿದೆ. ಈ ವಲಯದಲ್ಲಿ 48 ಸಾವಿರ ಕೋಟಿ ರೂ. ಹೂಡಿಕೆ ಮಾಡಿದ್ದು, ಈ ವಲಯದಲ್ಲಿ 48 ದೇಶದ ಸ್ವಂತ ಪ್ರಗತಿಗೆ ಕೊಡುಗೆ ನೀಡುತ್ತಿದೆ. ರಾಜ್ಯದಲ್ಲಿ 2,915 ಕೋಟಿ ರೂ. ಹೂಡಿಕೆ ಮಾಡಲಿದ್ದೇವೆ. ಮುಂದಿನ ಐದು ವರ್ಷಗಳಲ್ಲಿ 45 ಸಾವಿರ ಕೋಟಿ ರೂ. ಹೂಡಿಕೆ ಆಕರ್ಷಿಸಿ, 60 ಸಾವಿರ ಉದ್ಯೋಗ ಸೃಷ್ಟಿಸುವ ಗುರಿ ಇದೆ ಎಂದು ಅವರು ವಿವರಿಸಿದ್ದಾರೆ.

ಸಚಿವ ಎಂ ಬಿ ಪಾಟೀಲ ಮಾತನಾಡಿ, ಭಾರತದಲ್ಲಿ ಉತ್ಪಾದನೆ ಆಧಾರಿತ ಪ್ರೋತ್ಸಾಹ (ಪಿ.ಎಲ್

.ಐ) ಪಡೆದುಕೊಂಡಿರುವ ಕಾಲಿನ್ಸ್ ಕಂಪನಿಯ ಮೊದಲ ಘಟಕ ಇದಾಗಿದೆ. ಇದು ಬೋಯಿಂಗ್, ಏರ್‌ಬಸ್ ತರಹದ ವೈಮಾನಿಕ ಉದ್ದಿಮೆಗಳಿಗೆ ತನ್ನ ಸೇವೆಯನ್ನು ಒದಗಿಸಲಿದೆ. ಇದನ್ನು ಸಾಧ್ಯವಾಗಿಸುವ ನಿಟ್ಟಿನಲ್ಲಿ ಕೆಐಎಡಿಬಿ ಮತ್ತು ಕರ್ನಾಟಕ ಉದ್ಯೋಗ ಮಿತ್ರ ಕ್ಷಿಪ್ರ ಗತಿಯಲ್ಲಿ ಸ್ಪಂದಿಸಿ ಅಗತ್ಯ ಅನುಮೋದನೆಗಳು, ಮೂಲಸೌಕರ್ಯ ಮತ್ತು ಜಮೀನನ್ನು ಒದಗಿಸಿದೆ. ಇದು ರಾಜ್ಯದ ಕೈಗಾರಿಕಾ ವಲಯದ ಸಾಮರ್ಥ್ಯಕ್ಕೆ ಸಾಕ್ಷಿಯಾಗಿದ್ದು, ಸರಕಾರದ ದೂರದೃಷ್ಟಿಗೆ ಪೂರಕವಾಗಿದೆ. ಈ ತಯಾರಿಕಾ ಘಟಕವು ನಿಜವಾದ ಅರ್ಥದಲ್ಲಿ ?ಈಸ್ ಆಫ್ ಡೂಯಿಂಗ್ ಬಿಝಿನೆಸ್?ಗೆ ನಿದರ್ಶನವಾಗಿದ್ದು, ಉದ್ಯಮಸ್ನೇಹಿ ಕಾರ್ಯಪರಿಸರಕ್ಕೆ

ಸಾಕ್ಷಿಯಾಗಿದೆ ಎಂದು ಅವರು ನುಡಿದಿದ್ದಾರೆ. ಭಾರತದ ವೈಮಾನಿಕ ಮಾರುಕಟ್ಟೆಯು 2032ರ ಹೊತ್ತಿಗೆ ಜಗತ್ತಿನಲ್ಲಿ ಮೂರನೇ ಸ್ಥಾನದಲ್ಲಿ ಪ್ರತಿಷ್ಠಾಪಿತವಾಗಲಿದೆ. ಇಲ್ಲಿ ನಿರ್ವಹಣೆ, ದುರಸ್ತಿ ಮತ್ತು ಓವರ್‌ಹಾಲ್ (ಎಂಆರ್‌ಒ) ಯೋಜನೆಯಡಿಯಲ್ಲಿ ಸದ್ಯಕ್ಕೆ ವಾರ್ಷಿಕವಾಗಿ 1.2 ಬಿಲಿಯನ್ ಡಾಲರ್ ವಹಿವಾಟು ನಡೆಯುತ್ತಿದೆ. ಇದು ಮುಂದಿನ ಐದು ವರ್ಷಗಳಲ್ಲಿ 4.6 ಬಿಲಿಯನ್ ಡಾಲರ್ ಮಟ್ಟಕ್ಕೆ ಬೆಳೆಯಲಿದೆ. ಇದರಲ್ಲಿ ಕಾಲಿನ್ಸ್ ಏರೋಸ್ಪೇಸ್ ತರಹದ ಕಂಪನಿಗಳು ಹೆಚ್ಚಿನ ಪಾತ್ರ ವಹಿಸಲಿವೆ ಎಂದು ಹೇಳಿದರು.

ಕೈಗಾರಿಕಾ ಇಲಾಖೆ ಪ್ರಧಾನ ಕಾರ್ಯದರ್ಶಿ ಸೆಲ್ವಕುಮಾರ್, ಕೆಐಎಡಿಬಿ ಸಿಇಒ ಡಾ.ಮಹೇಶ, ಕೈಗಾರಿಕಾ ಇಲಾಖೆ ಆಯುಕ್ತೆ ಗುಂಜನ್ ಕೃಷ್ಣ ಸೇರಿದಂತೆ ಇತರರು ಇದ್ದರು.

ಹಕ್ಕು ಪತ್ರ ನೀಡದ ಜನ ಪ್ರತಿನಿಧಿಗಳು
ಭೀಮ ವಿಜಯ ನ್ಯೂಸ್

ಬೇಲೂರು : ಪಟ್ಟಣದ ಬಿಕ್ಕೋಡು ರಸ್ತೆಗೆ ಹೊಂದಿಕೊಂಡಿರುವ 8ನೇ ವಾರ್ಡ್ ಚನ್ನಕೇಶವ ನಗರ ಬಡಾವಣೆಯ ನಿವಾಸಿಗಳಿಗೆ ಹಕ್ಕುಪತ್ರ ನೀಡದೆ ಜನಪ್ರತಿನಿಧಿಗಳ ಕುತಂತ್ರದಿಂದ ಅತಂತ್ರ ಸ್ಥಿತಿ ಅನುಭವಿಸುತ್ತಿದ್ದು ಸರ್ಕಾರದ ಸೌಲಭ್ಯ ನಿವಾಸಿಗಳು ಜನಪ್ರತಿನಿಧಿಗಳ ಹಾಗೂ ಪುರಸಭೆ ಅಧಿಕಾರಿಗಳ ವಿರುದ್ಧ ಆಕ್ರೋಶ ಹೊರಹಾಕಿದ್ದಾರೆ.

ಬೇಲೂರು ಕ್ಷೇತ್ರದಲ್ಲಿ ಹಲವಾರು ವರ್ಷ ಅಧಿಕಾರದಲ್ಲಿದ್ದ ಶಾಸಕರು ಪರ್ಯಾಯವಾಗಿ ಬದಲಾಗುತ್ತಿರುವ ವಿಭಿನ್ನ ಕ್ಷೇತ್ರದಲ್ಲಿ ಹಲವಾರು ಪಕ್ಷಗಳು ಆಡಳಿತ ನಡೆಸಿದ್ದಾರೆ.ಅವರಲ್ಲಿ ಹೆಚ್.ಕೆ.ಕುಮಾರಸ್ವಾಮಿಯವರು ಒಬ್ಬರು. ಕಳೆದ 25 ವರ್ಷಗಳ ಹಿಂದೆ ಬಡವರಿಗೆಂದೆ ಹೊಸದಾಗಿ ಸ್ಲಂ ಬೋರ್ಡ್ ವತಿಯಿಂದ ಚಂದ್ರಪ್ರಸಾದ್ ತ್ಯಾಗಿಯವರ ತ್ಯಾಗ,ಅಂದಿನ ಪುರಸಭೆ ಅಧ್ಯಕ್ಷೆ ಪ್ರೇಮಾ ಅಣ್ಣೇಗೌಡರವರ ಸಹಕಾರ ದಿಂದ ಮನೆಗಳನ್ನು ನಿರ್ಮಿಸಿ ಚನ್ನಕೇಶವ ನಗರ ಬಡಾವಣೆ ನಿರ್ಮಾಣವಾಗಿದೆ. ವಾರ್ಡ್ ನಲ್ಲಿ ಹಲವಾರು ಕೌನ್ಸಿಲರ್‌ಗಳು ಗೆದ್ದು ಆಡಳಿತ ಮಾಡಿದ್ದಾರೆ ಆದರೆ ಇಲ್ಲಿಯವರೆಗೆ ಬೆರಳೆಣಿಕೆಯಷ್ಟು ಅಭಿವೃದ್ಧಿ ಮಾಡಿಲ್ಲ.ನೀರಿನ ವ್ಯವಸ್ಥೆ ಹೊರತುಪಡಿಸಿ ಚರಂಡಿಗಳಲ್ಲ ಸ್ವಚ್ಛತೆ ಇಲ್ಲದೆ ಗಬ್ಬೆದ್ದು ನಾರುತ್ತಿವೆ ಮನೆಗಳ ಸುತ್ತಲೂ ಗಿಡಗಂಟೆಗಳು ಬೆಳೆದು ಹಾವುಗಳ

ಕಾಟ ಹೆಚ್ಚಾಗಿದೆ.ಜನಪ್ರತಿನಿದಿಗಳು ಚುನಾವಣೆ ಬಂದಾಗ ಇಲ್ಲ ಸಲ್ಲದ ಭರವಸೆಗಳನ್ನು ನೀಡುತ್ತಾರೆ.ಗೆದ್ದ ಮೇಲೆ ಇತ್ತ ತಿರುಗಿಯೂ ನೋಡಿಲ್ಲ.ಪುರಸಭೆ ಚುನಾವಣೆ ಕಳೆದು 5 ವರ್ಷಗಳೆ ಕಳೆಯುತ್ತಾ ಬಂದರೂ ಹಕ್ಕುಪತ್ರ ನೀಡಿಲ್ಲ ಎಂದು ಸ್ಥಳೀಯ ನಿವಾಸಿಗಳು ಮಾಧ್ಯಮ ದೊಂದಿಗೆ ಅಳಲು ತೋಡಿಕೊಂಡರು.

8ನೇ ವಾರ್ಡ್ ನಲ್ಲಿ ಹಲವಾರು ಕೌನ್ಸಿಲರು ಗೆದ್ದಿದ್ದಾರೆ ಯಾರು ಏನು ಕೆಲಸ ಮಾಡಿಲ್ಲ.ಭರವಸೆಗಳನ್ನು ಕೊಡುತ್ತಾರೆ ಗೆದ್ದ ಮೇಲೆ ಕಣ್ಮರೆಯಾಗುತ್ತಾರೆ.25 ವರ್ಷದಿಂದಲೂ ರಸ್ತೆ ಇಲ್ಲ.ಗೆದ್ದವರೆಲ್ಲ

ರಸ್ತೆ ಮಾಡಿಸುತ್ತೇವೆ ಎಂಬ ಭರವಸೆ ಮಾತ್ರ ಕೊಡುತ್ತಾರೆ ರಸ್ತೆ ಖಾಸಗಿ ವ್ಯಕ್ತಿ ರಂಗನಾಥ್ ಎಂಬುವರ ಜಮೀನಿನ ಮೇಲೆ ಹಾದು ಹೋಗಿದೆ.ಏನೋ ಅನುಕಂಪದ ಮೇಲೆ ರಂಗನಾಥ್ ತಿರುಗಾಡುವವರಿಗೆ ತೊಂದರೆ ನೀಡುತ್ತಿಲ್ಲ ಒಂದು ವೇಳೆ ಖಾಸಗಿಯವರು ಜಾಗ ಬಿಡದಿದ್ದರೆ ರಸ್ತೆ ಇಲ್ಲದೆ ಪರದಾಡಬೇಕಾಗುತ್ತದೆ ಎಂದು ಆಟೋ ಚಾಲಕ ಮಂಜುನಾಥ್ ಅಸಮದಾನ ವ್ಯಕ್ತಪಡಿಸಿದ್ದಾರೆ

ಸ್ಥಳೀಯ ನಿವಾಸಿ ರವಿ ಮಾತನಾಡಿ, ಚುನಾವಣೆಗೆ ಬಂದವರೆಲ್ಲ ದುಡ್ಡಿನ ಆಮೀಷ ತೋರಿಸಿ ಎಣ್ಣೆ ಹಂಚಿ ಭರವಸೆ ನೀಡುತ್ತಾರೆ ಶಾಸಕ ಹೆಚ್. ಕೆ.ಸುರೇಶ್ ಮತ ಕೇಳಲು ಬಂದಾಗ ಹಕ್ಕುಪತ್ರ ಕೊಡಿಸುತ್ತೇವೆ ಎಂದಿದ್ದರು ಗೆದ್ದ ಮೇಲೆ ಇತ್ತ ತಿರುಗಿ ನೋಡಿಲ್ಲ. ಬಂದವರೆಲ್ಲ ಹಕ್ಕುಪತ್ರ ಕೊಡಿಸುತ್ತೇವೆ ಎಂದು ಪೊಳ್ಳು ಭರವಸೆ ನೀಡುವ ಚಾಳಿ ಜನಪ್ರತಿನಿದಿಗಳಿಗೆ ಮೈಗಂಟಿಕೊಂಡಿದೆ. ಮುಂದಿನ ಚುನಾವಣೆಯಲ್ಲಿ ನಾವು ಚುನಾವಣೆ ಬಹಿಷ್ಕಾರ ಮಾಡುತ್ತೇವೆ ಎಂದು ಆಕ್ರೋಶ ವ್ಯಕ್ತಪಡಿಸಿದರು.

ಪಾರ್ಕ್ ಪಾಳುಬಿದ್ದ ಸ್ಥಿತಿಯಲ್ಲಿ

ನಿರ್ಮಾಣವಾಗಿದೆ.ಸಮುದಾಯ ಭವನದ ಬಳಿ ಪುಂಡಪೋಕರಿಗಳ ಕಾಟ ಹೆಚ್ಚಾಗಿದೆ.ಹಲವಾರು ಬಾರಿ ಪೋಲೀಸರಿಗೆ ತಿಳಿಸಿದರೂ ಪೋಲೀಸರು ಇತ್ತ ಸುಳಿದಿಲ್ಲ.ಸಂಜೆಯಾದರೆ ಸಾಕು ಕೆಟ್ಟದಾಗಿ ಅಸಹ್ಯವಾದ ಪದಗಳಿಂದ

ಹೆಣ್ಣು ಮಕ್ಕಳಿಗೆ ಮಹಿಳೆಯರಿಗೆ ಕಿಚಾಯಿಸುತ್ತಾರೆ.ನಮ್ಮ ಕಷ್ಟಗಳನ್ನು ಯಾರ ಬಳಿ ಹೇಳಿಕೊಳ್ಳೋದು ಎಂದು ಮಹಿಳೆಯರು ಅಳಲು ತೋಡಿಕೊಂಡರು.

ಇನ್ನೂ ಪುರಸಭೆ ಚುನಾವಣೆ ಬರುತ್ತಿದೆ.ಪುರಸಭೆ ಚುನಾವಣೆಯಲ್ಲಿ ಹಕ್ಕುಪತ್ರ ಕೊಡಿಸುವ ಭರವಸೆ ನೀಡುವ ಅಭ್ಯರ್ಥಿಗಳನ್ನು ನಂಬಬೇಕೋ ಬಿಡಬೇಕೋ ಎಂಬ ಗೊಂದಲದಲ್ಲಿ ನಿವಾಸಿಗಳು ಇದ್ದಾರೆ. ಈ ವಾರ್ಡ್ ನ ಅಭಿವೃದ್ಧಿಯ ಬಗ್ಗೆ ಜನ ಕಾದು ನೋಡುತ್ತಿದ್ದಾರೆ.

ಒಟ್ಟಾರೆ ರಾಜಕಾರಣಿಗಳು ಚನ್ನಕೇಶವ ನಗರದ ಜನರನ್ನ ಕೇವಲ ಓಟಿಗಾಗಿ ಬಳಸಿಕೊಳ್ಳುತ್ತಿದ್ದಾರಾ... ಅಥವಾ ಬದುಕಿಗೆ ನೆರವಾಗುವ ಮೂಲಕ ಅಭಿವೃದ್ಧಿಯ ಕಡೆಗೆ ಕೊಂಡೊಯ್ಯುವ ಪ್ರಯತ್ನ ಮಾಡುತ್ತಾರಾ ಎಂಬುದನ್ನು ಕಾದುನೋಡಬೇಕಾಗಿದೆ
